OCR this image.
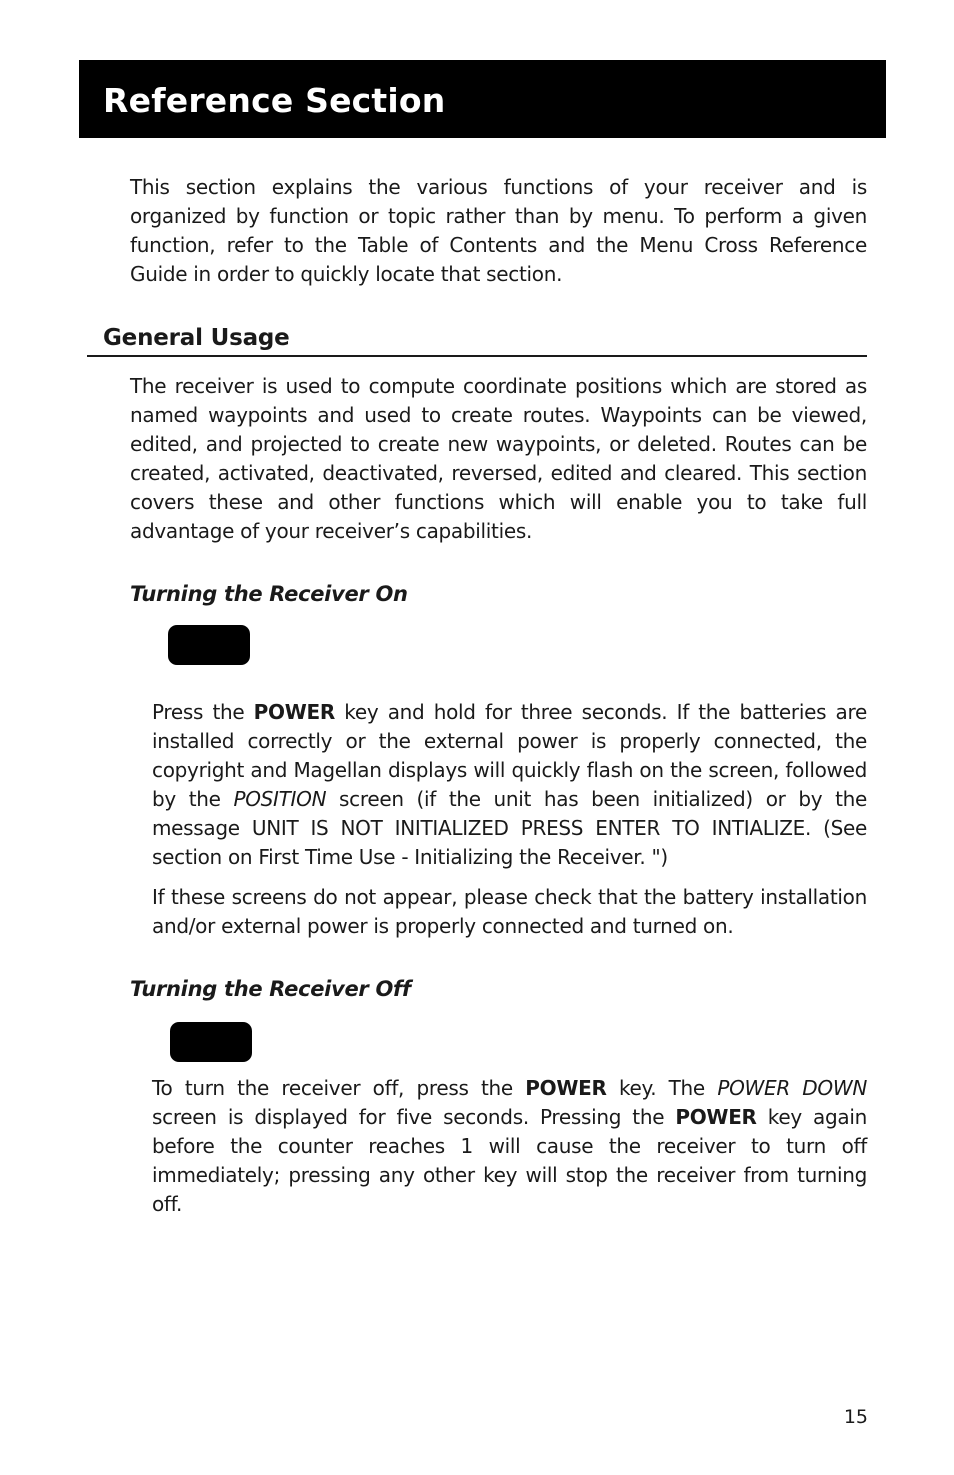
Reference Section

This section explains the various functions of your receiver and is organized by function or topic rather than by menu. To perform a given function, refer to the Table of Contents and the Menu Cross Reference Guide in order to quickly locate that section.

General Usage

The receiver is used to compute coordinate positions which are stored as named waypoints and used to create routes. Waypoints can be viewed, edited, and projected to create new waypoints, or deleted. Routes can be created, activated, deactivated, reversed, edited and cleared. This section covers these and other functions which will enable you to take full advantage of your receiver’s capabilities.

Turning the Receiver On

Press the POWER key and hold for three seconds. If the batteries are installed correctly or the external power is properly connected, the copyright and Magellan displays will quickly flash on the screen, followed by the POSITION screen (if the unit has been initialized) or by the message UNIT IS NOT INITIALIZED PRESS ENTER TO INTIALIZE. (See section on First Time Use - Initializing the Receiver. ")

If these screens do not appear, please check that the battery installation and/or external power is properly connected and turned on.

Turning the Receiver Off

To turn the receiver off, press the POWER key. The POWER DOWN screen is displayed for five seconds. Pressing the POWER key again before the counter reaches 1 will cause the receiver to turn off immediately; pressing any other key will stop the receiver from turning off.

15
